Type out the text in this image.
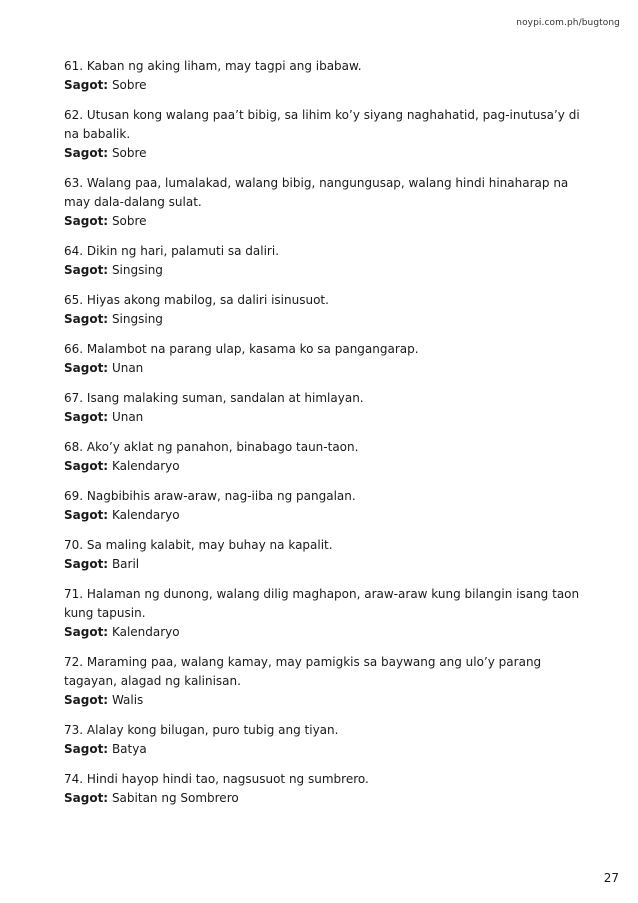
noypi.com.ph/bugtong
61. Kaban ng aking liham, may tagpi ang ibabaw.
Sagot: Sobre
62. Utusan kong walang paa’t bibig, sa lihim ko’y siyang naghahatid, pag-inutusa’y di na babalik.
Sagot: Sobre
63. Walang paa, lumalakad, walang bibig, nangungusap, walang hindi hinaharap na may dala-dalang sulat.
Sagot: Sobre
64. Dikin ng hari, palamuti sa daliri.
Sagot: Singsing
65. Hiyas akong mabilog, sa daliri isinusuot.
Sagot: Singsing
66. Malambot na parang ulap, kasama ko sa pangangarap.
Sagot: Unan
67. Isang malaking suman, sandalan at himlayan.
Sagot: Unan
68. Ako’y aklat ng panahon, binabago taun-taon.
Sagot: Kalendaryo
69. Nagbibihis araw-araw, nag-iiba ng pangalan.
Sagot: Kalendaryo
70. Sa maling kalabit, may buhay na kapalit.
Sagot: Baril
71. Halaman ng dunong, walang dilig maghapon, araw-araw kung bilangin isang taon kung tapusin.
Sagot: Kalendaryo
72. Maraming paa, walang kamay, may pamigkis sa baywang ang ulo’y parang tagayan, alagad ng kalinisan.
Sagot: Walis
73. Alalay kong bilugan, puro tubig ang tiyan.
Sagot: Batya
74. Hindi hayop hindi tao, nagsusuot ng sumbrero.
Sagot: Sabitan ng Sombrero
27
